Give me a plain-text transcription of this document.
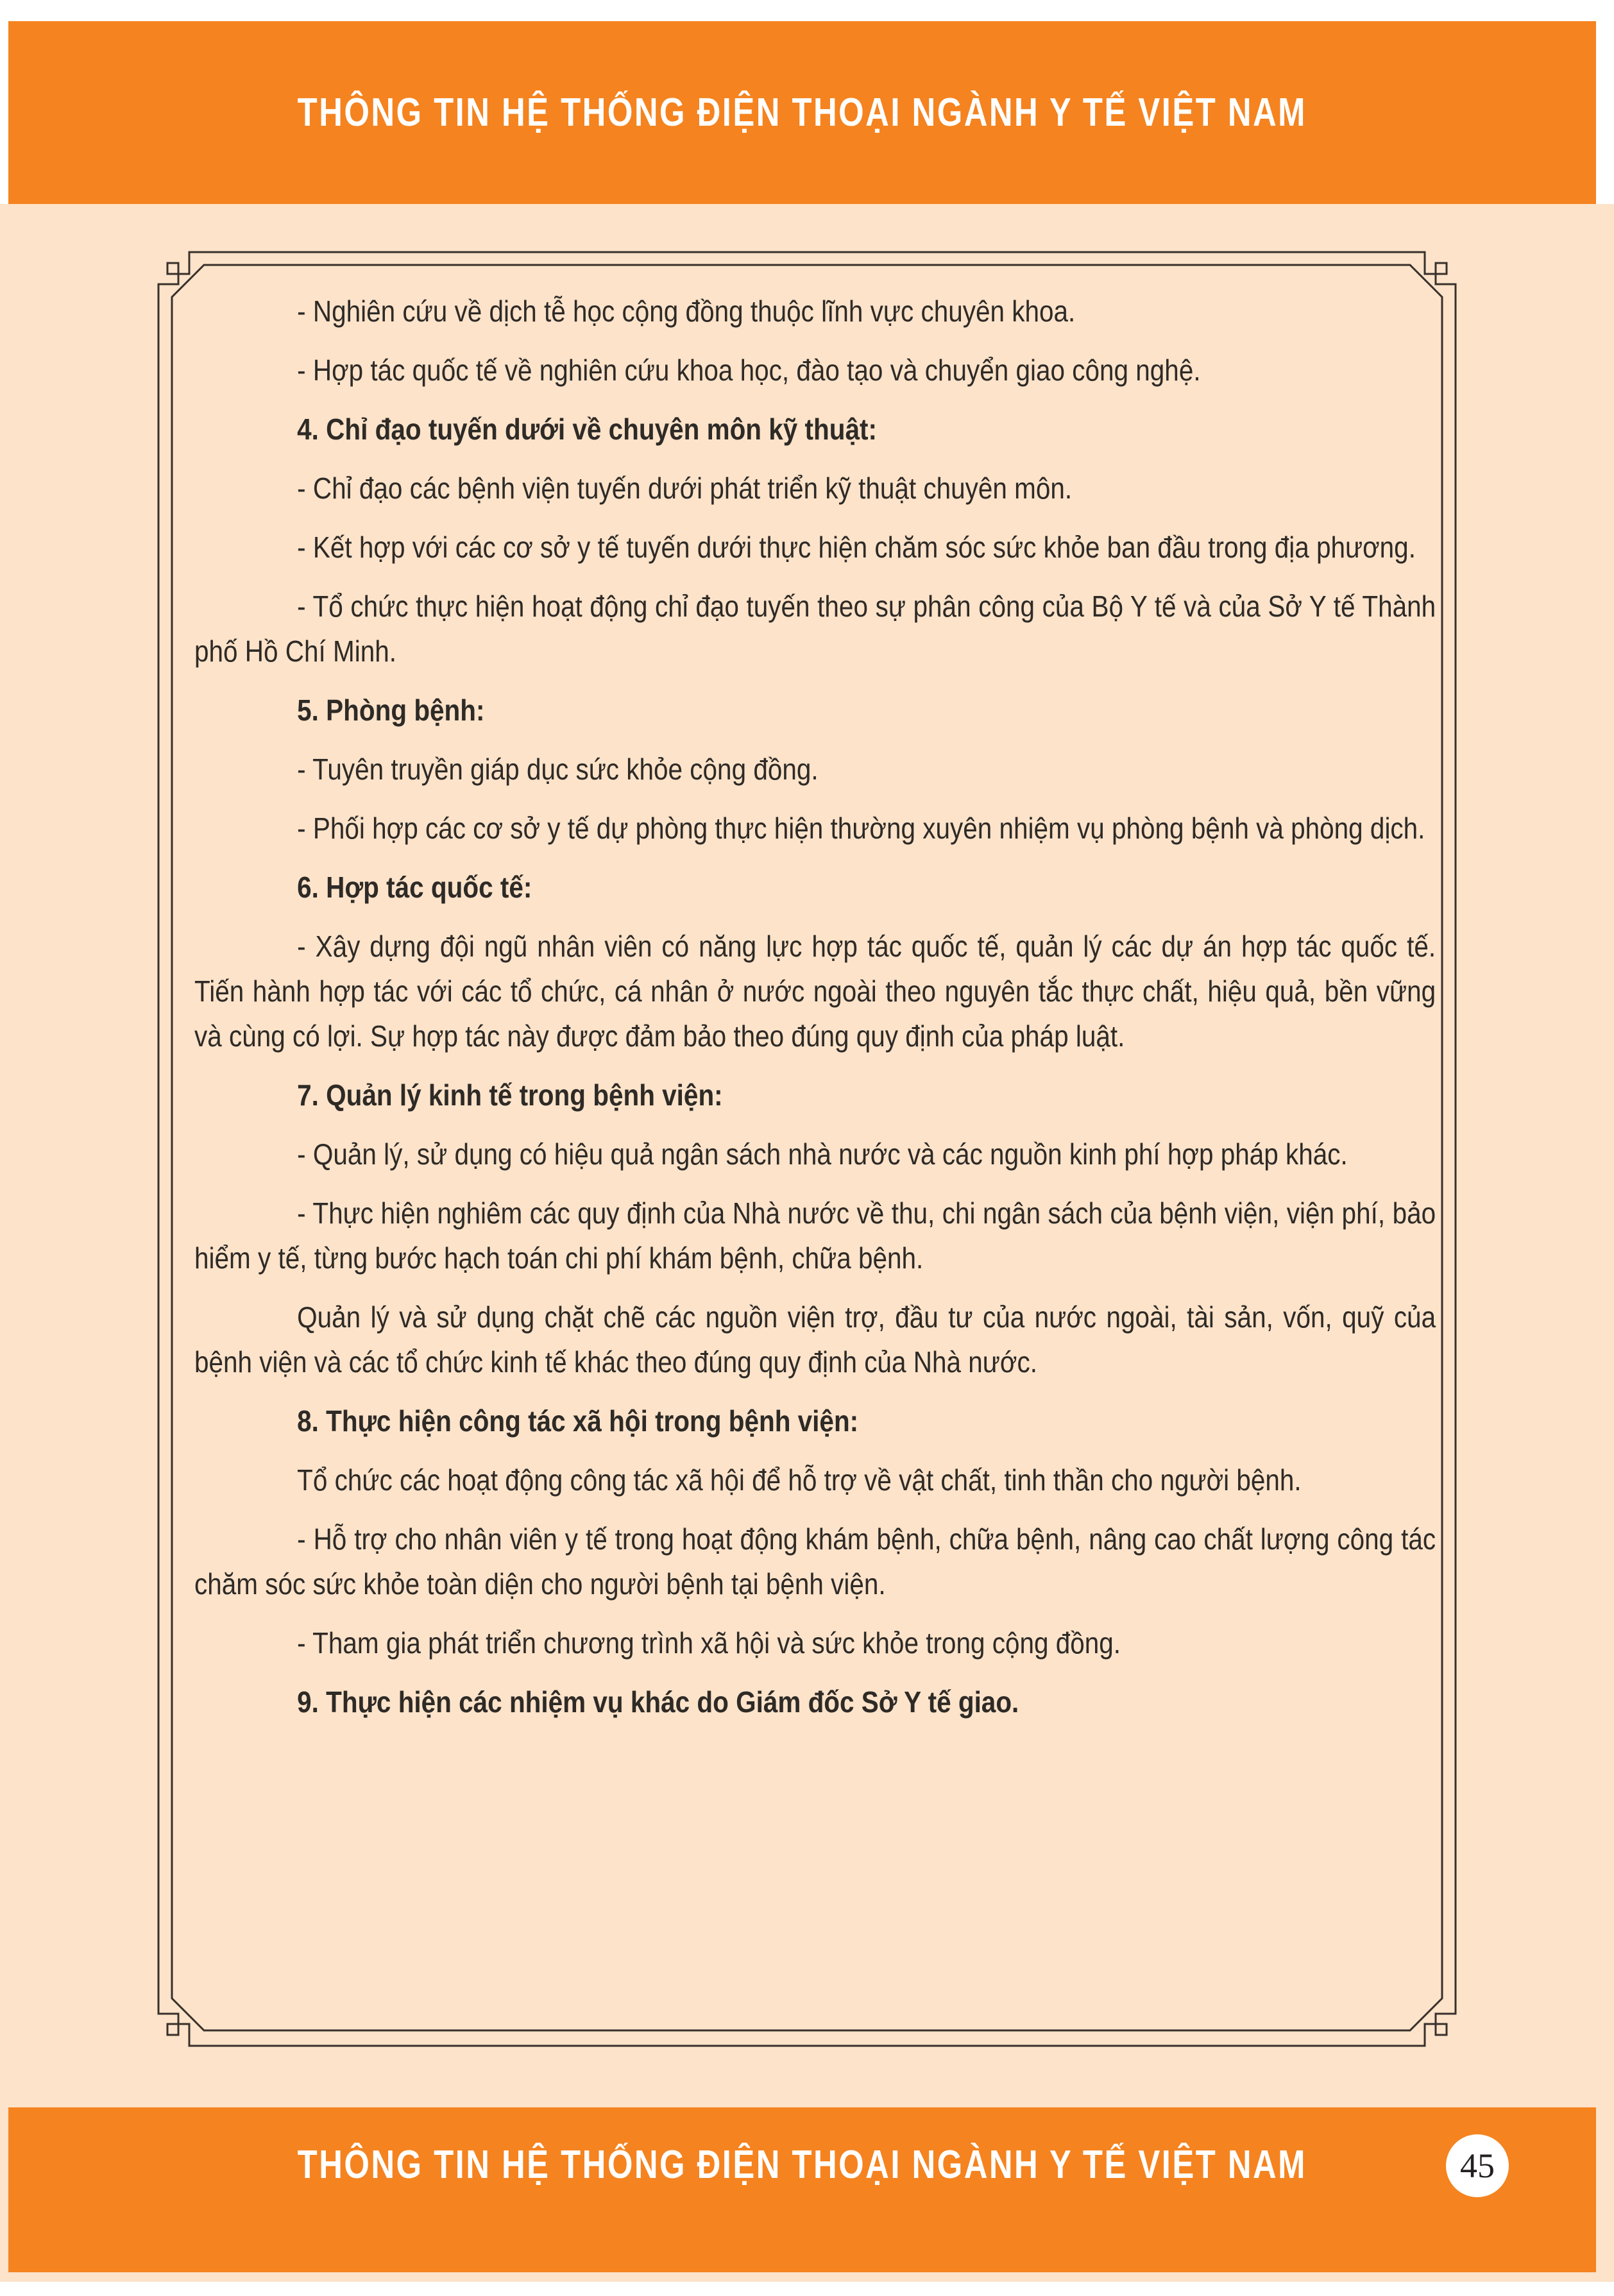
THÔNG TIN HỆ THỐNG ĐIỆN THOẠI NGÀNH Y TẾ VIỆT NAM

- Nghiên cứu về dịch tễ học cộng đồng thuộc lĩnh vực chuyên khoa.

- Hợp tác quốc tế về nghiên cứu khoa học, đào tạo và chuyển giao công nghệ.

4. Chỉ đạo tuyến dưới về chuyên môn kỹ thuật:

- Chỉ đạo các bệnh viện tuyến dưới phát triển kỹ thuật chuyên môn.

- Kết hợp với các cơ sở y tế tuyến dưới thực hiện chăm sóc sức khỏe ban đầu trong địa phương.

- Tổ chức thực hiện hoạt động chỉ đạo tuyến theo sự phân công của Bộ Y tế và của Sở Y tế Thành phố Hồ Chí Minh.

5. Phòng bệnh:

- Tuyên truyền giáp dục sức khỏe cộng đồng.

- Phối hợp các cơ sở y tế dự phòng thực hiện thường xuyên nhiệm vụ phòng bệnh và phòng dịch.

6. Hợp tác quốc tế:

- Xây dựng đội ngũ nhân viên có năng lực hợp tác quốc tế, quản lý các dự án hợp tác quốc tế. Tiến hành hợp tác với các tổ chức, cá nhân ở nước ngoài theo nguyên tắc thực chất, hiệu quả, bền vững và cùng có lợi. Sự hợp tác này được đảm bảo theo đúng quy định của pháp luật.

7. Quản lý kinh tế trong bệnh viện:

- Quản lý, sử dụng có hiệu quả ngân sách nhà nước và các nguồn kinh phí hợp pháp khác.

- Thực hiện nghiêm các quy định của Nhà nước về thu, chi ngân sách của bệnh viện, viện phí, bảo hiểm y tế, từng bước hạch toán chi phí khám bệnh, chữa bệnh.

Quản lý và sử dụng chặt chẽ các nguồn viện trợ, đầu tư của nước ngoài, tài sản, vốn, quỹ của bệnh viện và các tổ chức kinh tế khác theo đúng quy định của Nhà nước.

8. Thực hiện công tác xã hội trong bệnh viện:

Tổ chức các hoạt động công tác xã hội để hỗ trợ về vật chất, tinh thần cho người bệnh.

- Hỗ trợ cho nhân viên y tế trong hoạt động khám bệnh, chữa bệnh, nâng cao chất lượng công tác chăm sóc sức khỏe toàn diện cho người bệnh tại bệnh viện.

- Tham gia phát triển chương trình xã hội và sức khỏe trong cộng đồng.

9. Thực hiện các nhiệm vụ khác do Giám đốc Sở Y tế giao.

THÔNG TIN HỆ THỐNG ĐIỆN THOẠI NGÀNH Y TẾ VIỆT NAM	45
